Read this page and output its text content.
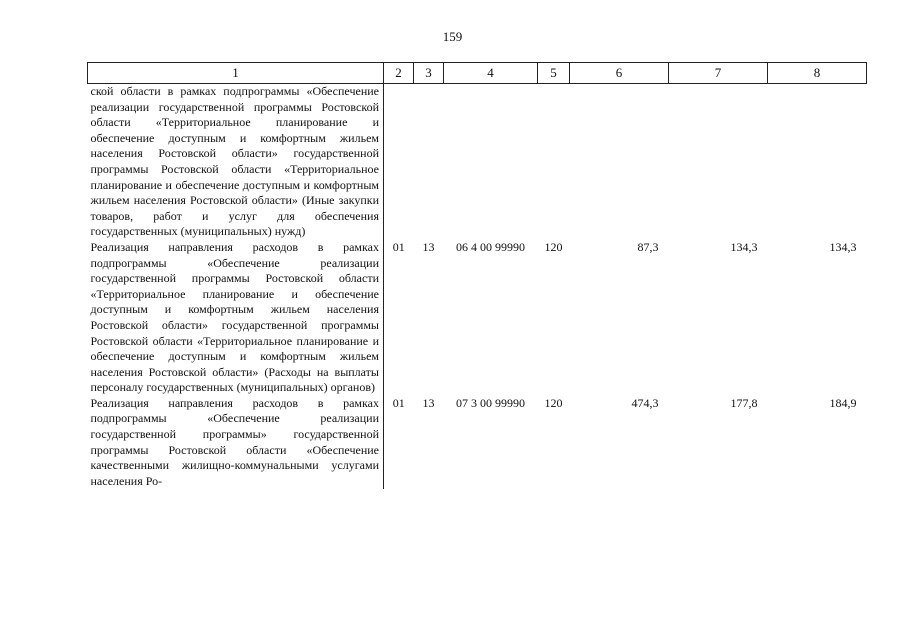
159
1	2	3	4	5	6	7	8
ской области в рамках подпрограммы «Обеспечение реализации государственной программы Ростовской области «Территориальное планирование и обеспечение доступным и комфортным жильем населения Ростовской области» государственной программы Ростовской области «Территориальное планирование и обеспечение доступным и комфортным жильем населения Ростовской области» (Иные закупки товаров, работ и услуг для обеспечения государственных (муниципальных) нужд)							
Реализация направления расходов в рамках подпрограммы «Обеспечение реализации государственной программы Ростовской области «Территориальное планирование и обеспечение доступным и комфортным жильем населения Ростовской области» государственной программы Ростовской области «Территориальное планирование и обеспечение доступным и комфортным жильем населения Ростовской области» (Расходы на выплаты персоналу государственных (муниципальных) органов)	01	13	06 4 00 99990	120	87,3	134,3	134,3
Реализация направления расходов в рамках подпрограммы «Обеспечение реализации государственной программы» государственной программы Ростовской области «Обеспечение качественными жилищно-коммунальными услугами населения Ро-	01	13	07 3 00 99990	120	474,3	177,8	184,9
